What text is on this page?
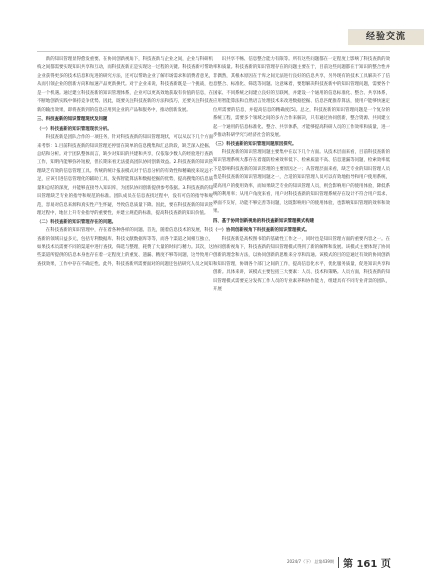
经验交流

新的知识管理显得愈发重要。在协同创新视角下，科技查新与企业之间，企业与科研机构之间都需要实现知识共享和互动，而科技查新正是实现这一过程的关键。科技查新可帮助企业获得更多的技术信息和先进的研究方法，还可以帮助企业了解市场需求和消费者意见，从而引领企业的创新方向和加速产品更新换代。对于企业来说，科技查新既是一个挑战，也是一个机遇。通过建立科技查新的知识管理体系，企业可以更高效地获取有价值的信息，在不断地创新实践中保持竞争优势。因此，既要关注科技查新的方法和技巧，还要关注科技查新的输出效果，即将查新到的信息应用到企业的产品和服务中，推动创新发展。

三、科技查新的知识管理现状及问题

（一）科技查新的知识管理现状分析。

科技查新是团队合作的一项任务，针对科技查新的知识管理现状，可以从以下几个方面来考察：1.目前科技查新的知识管理还停留在简单的信息搜集和汇总阶段，缺乏深入挖掘、总结和分析。对于团队整体而言，缺少对知识的共建和共享，仅依靠少数人的经验进行查新工作，知明内能够弥补短板，但长期来看无法提高团队协同创新效益。2.科技查新的知识管理缺乏有效的信息管理工具。传统的统计报表模式对于信息分析的有效性和精确度来说远不足，应该引进信息管理化的辅助工具，发挥智能算法和数据挖掘的优势，提高搜集的信息质量和总结的深度，并能够直接导入知识库，为团队协同创新提供参考依据。3.科技查新的知识管理缺乏专业的指导和规范的标准。团队成员在信息查找过程中，没有可信的指导和规范，容易对信息来源和真实性产生怀疑，导致信息质量下降。因此，要在科技查新的知识管理过程中，地位上升专业指导的重要性，并建立规范的标准，提高科技查新的知识价值。

（二）科技查新的知识管理存在的问题。

在科技查新的知识管理中，存在着各种各样的问题。首先，随着信息技术的发展，科技查新的领域日益多元，包括专利数据库、科技文献数据库等等，而各个渠道之间相互独立，如果技术员需要不同的渠道中进行查找、筛选与整理，耗费了大量的时间与精力。其次，这些渠道所提供的信息本身也存在着一定程度上的重复、遗漏、精度不够等问题，这导致用户查找效果，工作中存在不确定性。此外，科技查新所需要面对的问题还包括研究人员之间知

识共享不畅、信息整合能力有限等。所有这些问题都在一定程度上影响了科技查新的效率和质量。科技查新的知识管理存在的问题主要在于，目前这些问题都在于知识的整合性并非偶然，其根本原因在于库之间无法进行良好的信息共享，另外现有的技术工具解决不了信息整合、标准化、筛选等问题。这意味着，要想解决科技查新中的知识管理问题，需要各个国家、不同系统之间建立良好的互联网，并建设一个通用的信息标准化、整合、共享体系，应用智能算法和自然语言处理技术来改进数据挖掘、信息匹配推荐算法，使用户能够快速定位所需要的信息，并提高信息的精确度[5]。总之，科技查新的知识管理问题是一个复杂的系统工程，需要多个领域之间的多方合作来解决，只有通过协同创新，整合资源、共同建立起一个通用的信息标准化、整合、共享体系，才能够提高科研人员的工作效率和质量，进一步推动科研学究与经济社会的发展。

（三）科技查新的知识管理问题原因探究。

科技查新的知识管理问题主要集中在以下几个方面。从技术层面来看，目前科技查新的知识管理系统大都存在着谨防检索效率低下、检索质量不高、信息遗漏等问题，检索效率低下是影响科技查新的知识管理的主要原因之一；从管理层面来看，缺乏专业的知识管理人员也是科技查新的知识管理问题之一，合适的知识管理人员可以有效地指导和用户使用系统，提高用户的使用效率，而如果缺乏专业的知识管理人员，则会影响用户的使用体验，降低系统的利用率；从用户角度来看，用户对科技查新的知识管理系统存在设计不符合用户需求、界面不友好，功能不够完善等问题，这既影响用户的使用体验，也影响知识管理的效率和效果。

四、基于协同创新视角的科技查新知识管理模式构建

（一）协同创新视角下科技查新的知识管理模式。

科技查新是高校图书馆的基础性工作之一，同时也是知识管理方面的重要内容之一。在协同创新视角下，科技查新的知识管理模式得到了新的解释和发展。该模式主要体现了协同创新的理念和方法，以协同创新的思维来分享和沟通。该模式的目的是通过有效的协同创新和知识管理，协调各个部门之间的工作，提高信息化水平，优化服务质量，促进知识共享和创新。具体来讲，该模式主要包括三大要素：人员、技术和策略。人员方面，科技查新的知识管理模式需要充分发挥工作人员的专业素养和协作能力，组建具有不同专业背景的团队，开展

2024/7（下） 总第439期 第 161 页
